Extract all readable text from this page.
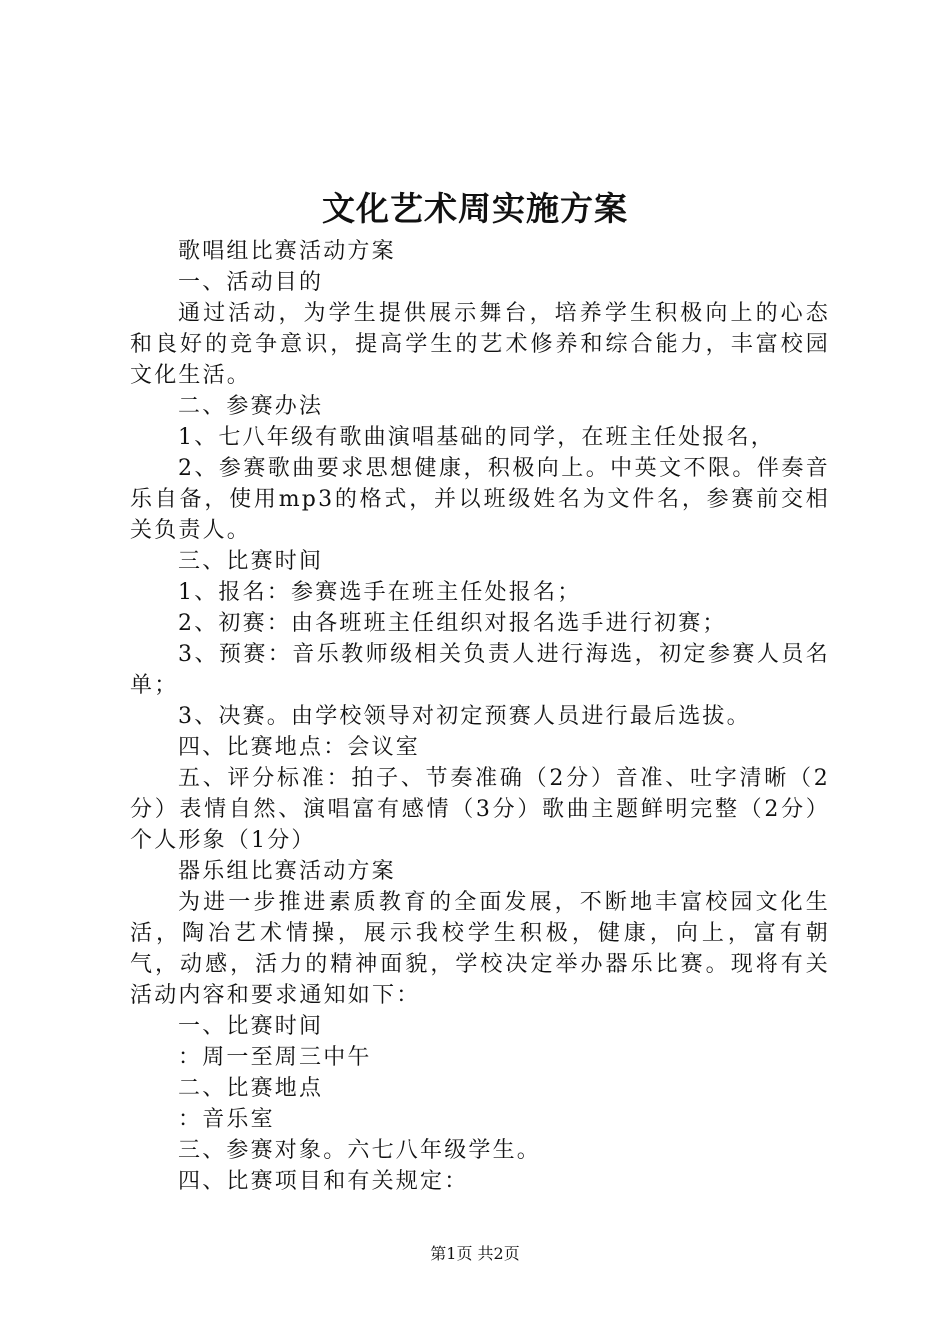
文化艺术周实施方案

歌唱组比赛活动方案

一、活动目的

通过活动，为学生提供展示舞台，培养学生积极向上的心态和良好的竞争意识，提高学生的艺术修养和综合能力，丰富校园文化生活。

二、参赛办法

1、七八年级有歌曲演唱基础的同学，在班主任处报名，

2、参赛歌曲要求思想健康，积极向上。中英文不限。伴奏音乐自备，使用mp3的格式，并以班级姓名为文件名，参赛前交相关负责人。

三、比赛时间

1、报名：参赛选手在班主任处报名；

2、初赛：由各班班主任组织对报名选手进行初赛；

3、预赛：音乐教师级相关负责人进行海选，初定参赛人员名单；

3、决赛。由学校领导对初定预赛人员进行最后选拔。

四、比赛地点：会议室

五、评分标准：拍子、节奏准确（2分）音准、吐字清晰（2分）表情自然、演唱富有感情（3分）歌曲主题鲜明完整（2分）个人形象（1分）

器乐组比赛活动方案

为进一步推进素质教育的全面发展，不断地丰富校园文化生活，陶冶艺术情操，展示我校学生积极，健康，向上，富有朝气，动感，活力的精神面貌，学校决定举办器乐比赛。现将有关活动内容和要求通知如下：

一、比赛时间

：周一至周三中午

二、比赛地点

：音乐室

三、参赛对象。六七八年级学生。

四、比赛项目和有关规定：

第1页 共2页
